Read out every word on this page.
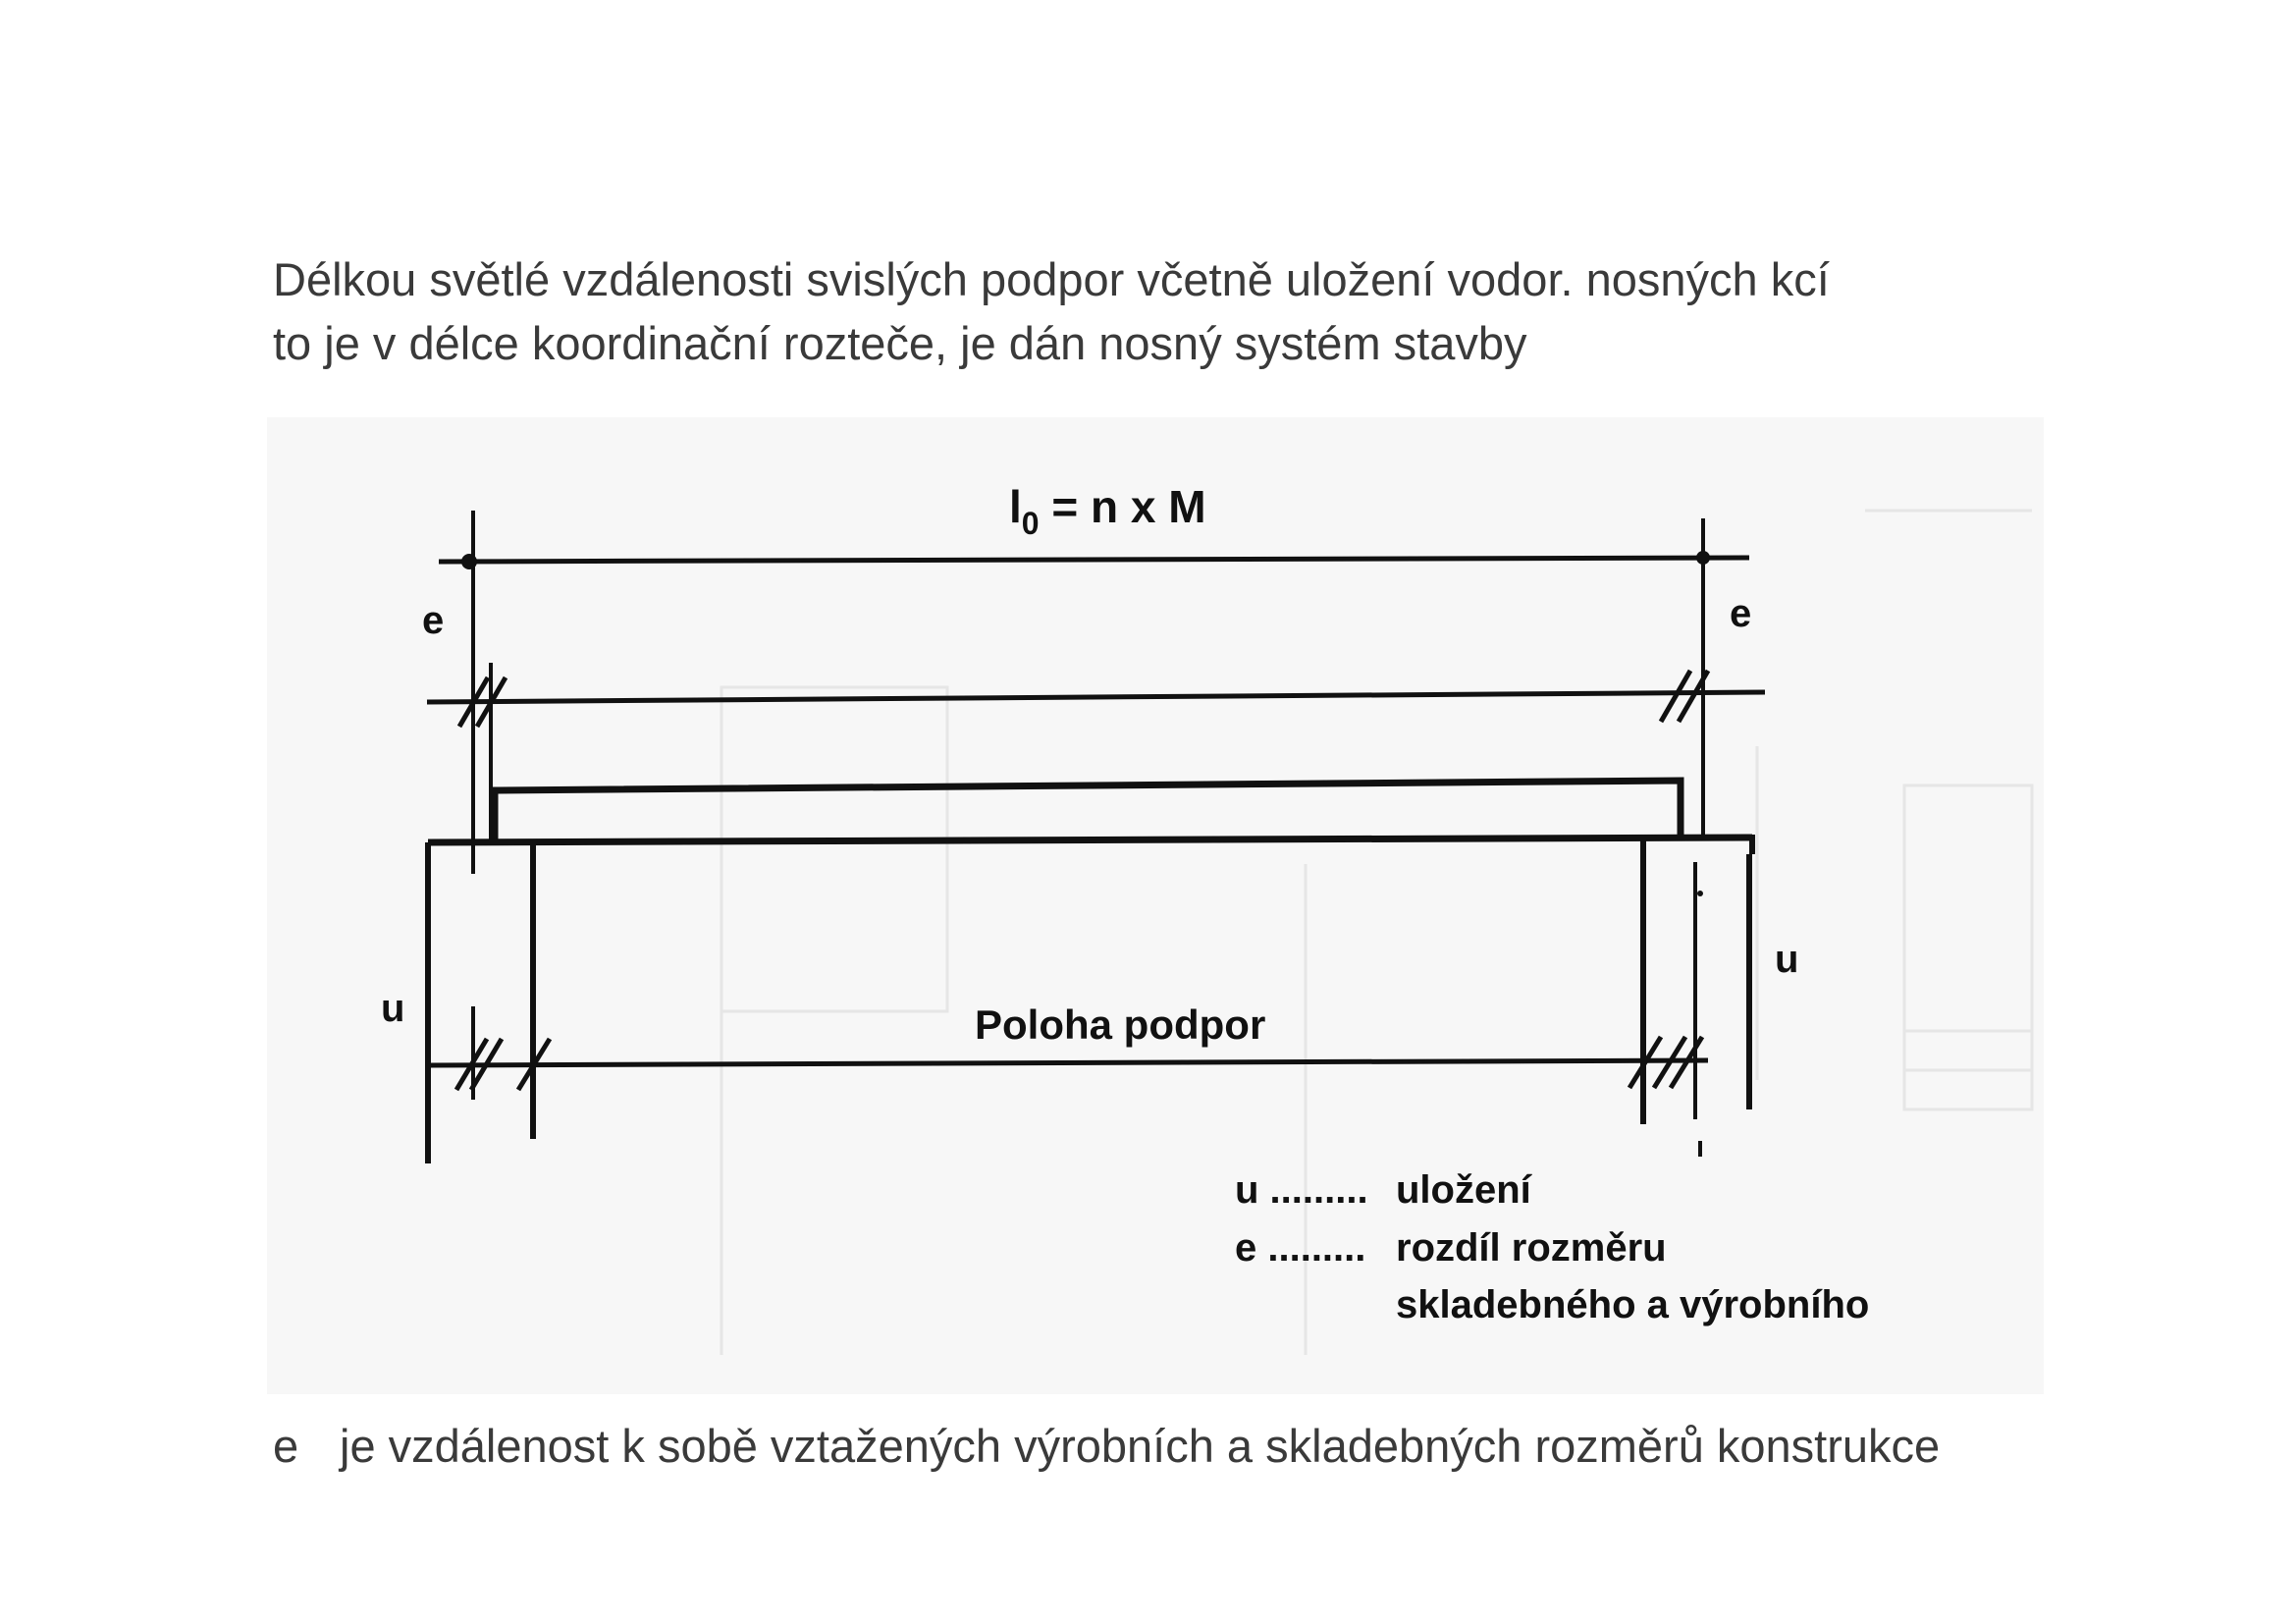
Délkou světlé vzdálenosti svislých podpor včetně uložení vodor. nosných kcí
to je v délce koordinační rozteče, je dán nosný systém stavby
$l_0 = n$ x M
e	e
u
u
Poloha podpor
u ......... uložení
e ......... rozdíl rozměru
skladebného a výrobního
e je vzdálenost k sobě vztažených výrobních a skladebných rozměrů konstrukce
